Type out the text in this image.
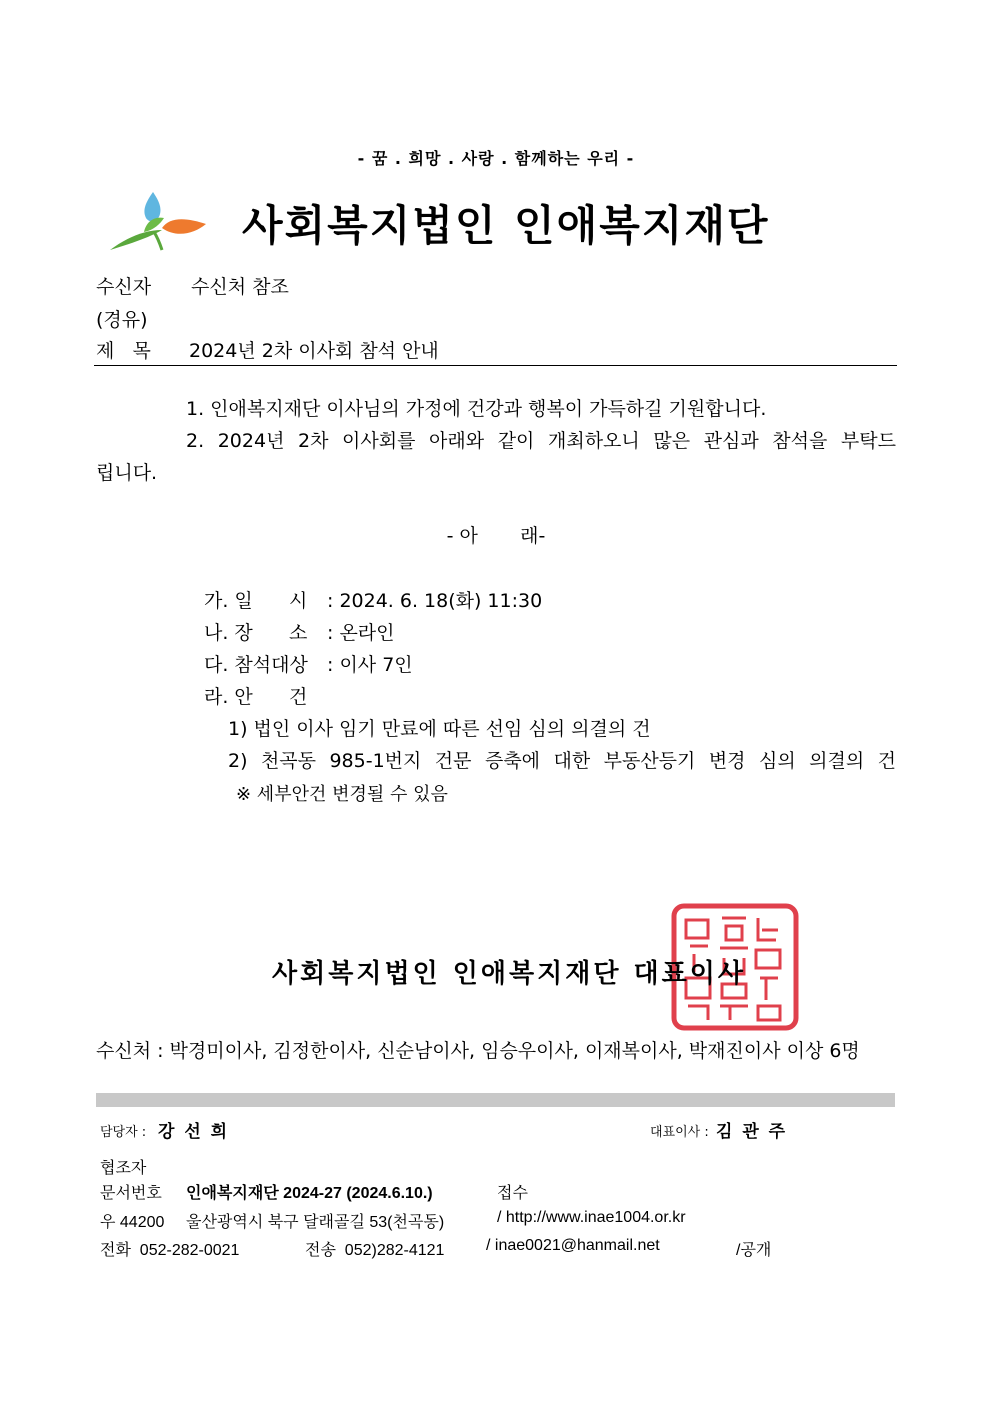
- 꿈 . 희망 . 사랑 . 함께하는 우리 -
사회복지법인 인애복지재단
수신자 수신처 참조
(경유)
제   목 2024년 2차 이사회 참석 안내
1. 인애복지재단 이사님의 가정에 건강과 행복이 가득하길 기원합니다.
2. 2024년 2차 이사회를 아래와 같이 개최하오니 많은 관심과 참석을 부탁드
립니다.
- 아       래-
가. 일      시 : 2024. 6. 18(화) 11:30
나. 장      소 : 온라인
다. 참석대상 : 이사 7인
라. 안      건
1) 법인 이사 임기 만료에 따른 선임 심의 의결의 건
2) 천곡동 985-1번지 건문 증축에 대한 부동산등기 변경 심의 의결의 건
※ 세부안건 변경될 수 있음
사회복지법인 인애복지재단 대표이사
수신처 : 박경미이사, 김정한이사, 신순남이사, 임승우이사, 이재복이사, 박재진이사 이상 6명
담당자 : 강 선 희	대표이사 : 김 관 주
협조자
문서번호 인애복지재단 2024-27 (2024.6.10.)	접수
우 44200 울산광역시 북구 달래골길 53(천곡동)	/ http://www.inae1004.or.kr
전화  052-282-0021	전송  052)282-4121	/ inae0021@hanmail.net	/공개
